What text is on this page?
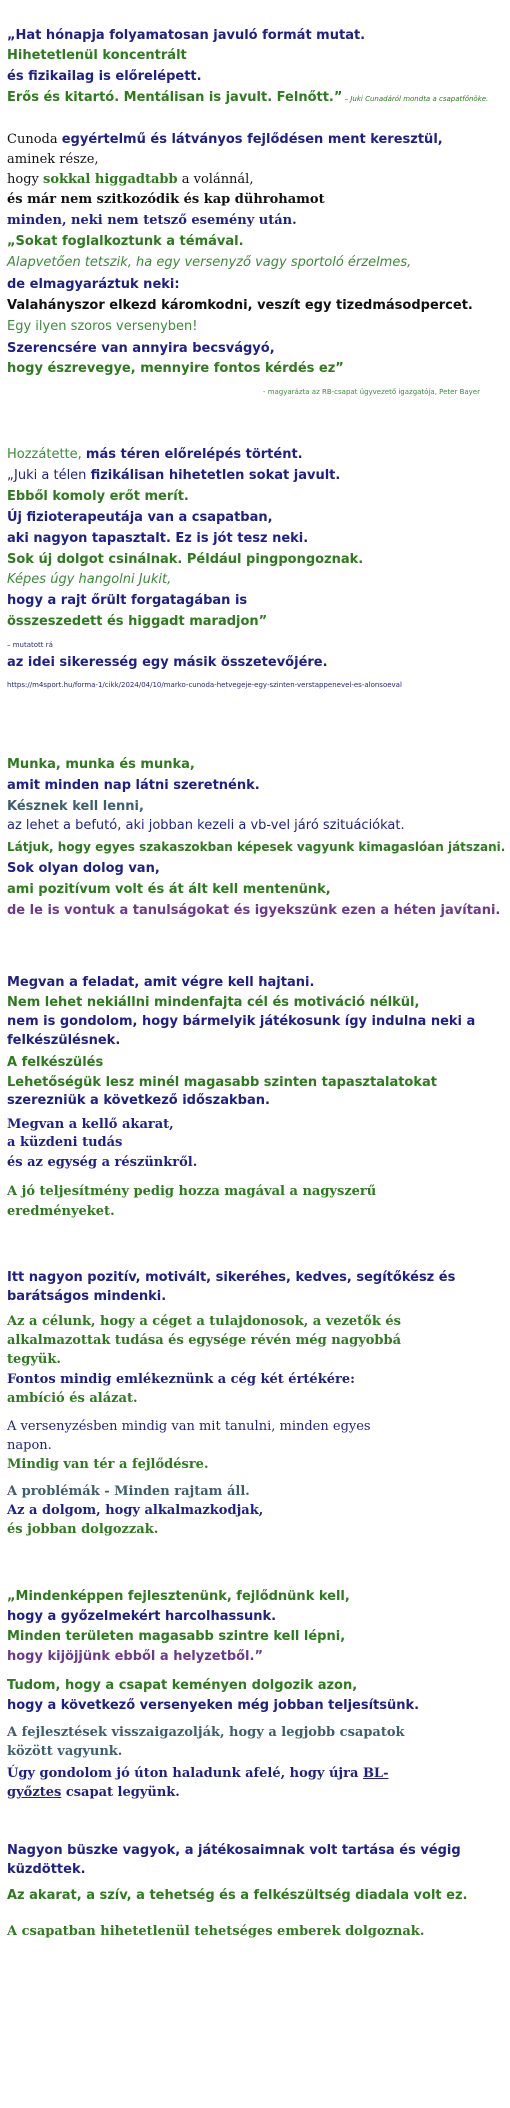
„Hat hónapja folyamatosan javuló formát mutat.
Hihetetlenül koncentrált
és fizikailag is előrelépett.
Erős és kitartó. Mentálisan is javult. Felnőtt.” – Juki Cunadáról mondta a csapatfőnöke.
Cunoda egyértelmű és látványos fejlődésen ment keresztül,
aminek része,
hogy sokkal higgadtabb a volánnál,
és már nem szitkozódik és kap dührohamot
minden, neki nem tetsző esemény után.
„Sokat foglalkoztunk a témával.
Alapvetően tetszik, ha egy versenyző vagy sportoló érzelmes,
de elmagyaráztuk neki:
Valahányszor elkezd káromkodni, veszít egy tizedmásodpercet.
Egy ilyen szoros versenyben!
Szerencsére van annyira becsvágyó,
hogy észrevegye, mennyire fontos kérdés ez”
- magyarázta az RB-csapat ügyvezető igazgatója, Peter Bayer
Hozzátette, más téren előrelépés történt.
„Juki a télen fizikálisan hihetetlen sokat javult.
Ebből komoly erőt merít.
Új fizioterapeutája van a csapatban,
aki nagyon tapasztalt. Ez is jót tesz neki.
Sok új dolgot csinálnak. Például pingpongoznak.
Képes úgy hangolni Jukit,
hogy a rajt őrült forgatagában is
összeszedett és higgadt maradjon”
– mutatott rá
az idei sikeresség egy másik összetevőjére.
https://m4sport.hu/forma-1/cikk/2024/04/10/marko-cunoda-hetvegeje-egy-szinten-verstappenevel-es-alonsoeval
Munka, munka és munka,
amit minden nap látni szeretnénk.
Késznek kell lenni,
az lehet a befutó, aki jobban kezeli a vb-vel járó szituációkat.
Látjuk, hogy egyes szakaszokban képesek vagyunk kimagaslóan játszani.
Sok olyan dolog van,
ami pozitívum volt és át ált kell mentenünk,
de le is vontuk a tanulságokat és igyekszünk ezen a héten javítani.
Megvan a feladat, amit végre kell hajtani.
Nem lehet nekiállni mindenfajta cél és motiváció nélkül,
nem is gondolom, hogy bármelyik játékosunk így indulna neki a
felkészülésnek.
A felkészülés
Lehetőségük lesz minél magasabb szinten tapasztalatokat
szerezniük a következő időszakban.
Megvan a kellő akarat,
a küzdeni tudás
és az egység a részünkről.
A jó teljesítmény pedig hozza magával a nagyszerű
eredményeket.
Itt nagyon pozitív, motivált, sikeréhes, kedves, segítőkész és
barátságos mindenki.
Az a célunk, hogy a céget a tulajdonosok, a vezetők és
alkalmazottak tudása és egysége révén még nagyobbá
tegyük.
Fontos mindig emlékeznünk a cég két értékére:
ambíció és alázat.
A versenyzésben mindig van mit tanulni, minden egyes
napon.
Mindig van tér a fejlődésre.
A problémák - Minden rajtam áll.
Az a dolgom, hogy alkalmazkodjak,
és jobban dolgozzak.
„Mindenképpen fejlesztenünk, fejlődnünk kell,
hogy a győzelmekért harcolhassunk.
Minden területen magasabb szintre kell lépni,
hogy kijöjjünk ebből a helyzetből.”
Tudom, hogy a csapat keményen dolgozik azon,
hogy a következő versenyeken még jobban teljesítsünk.
A fejlesztések visszaigazolják, hogy a legjobb csapatok
között vagyunk.
Úgy gondolom jó úton haladunk afelé, hogy újra BL-
győztes csapat legyünk.
Nagyon büszke vagyok, a játékosaimnak volt tartása és végig
küzdöttek.
Az akarat, a szív, a tehetség és a felkészültség diadala volt ez.
A csapatban hihetetlenül tehetséges emberek dolgoznak.
